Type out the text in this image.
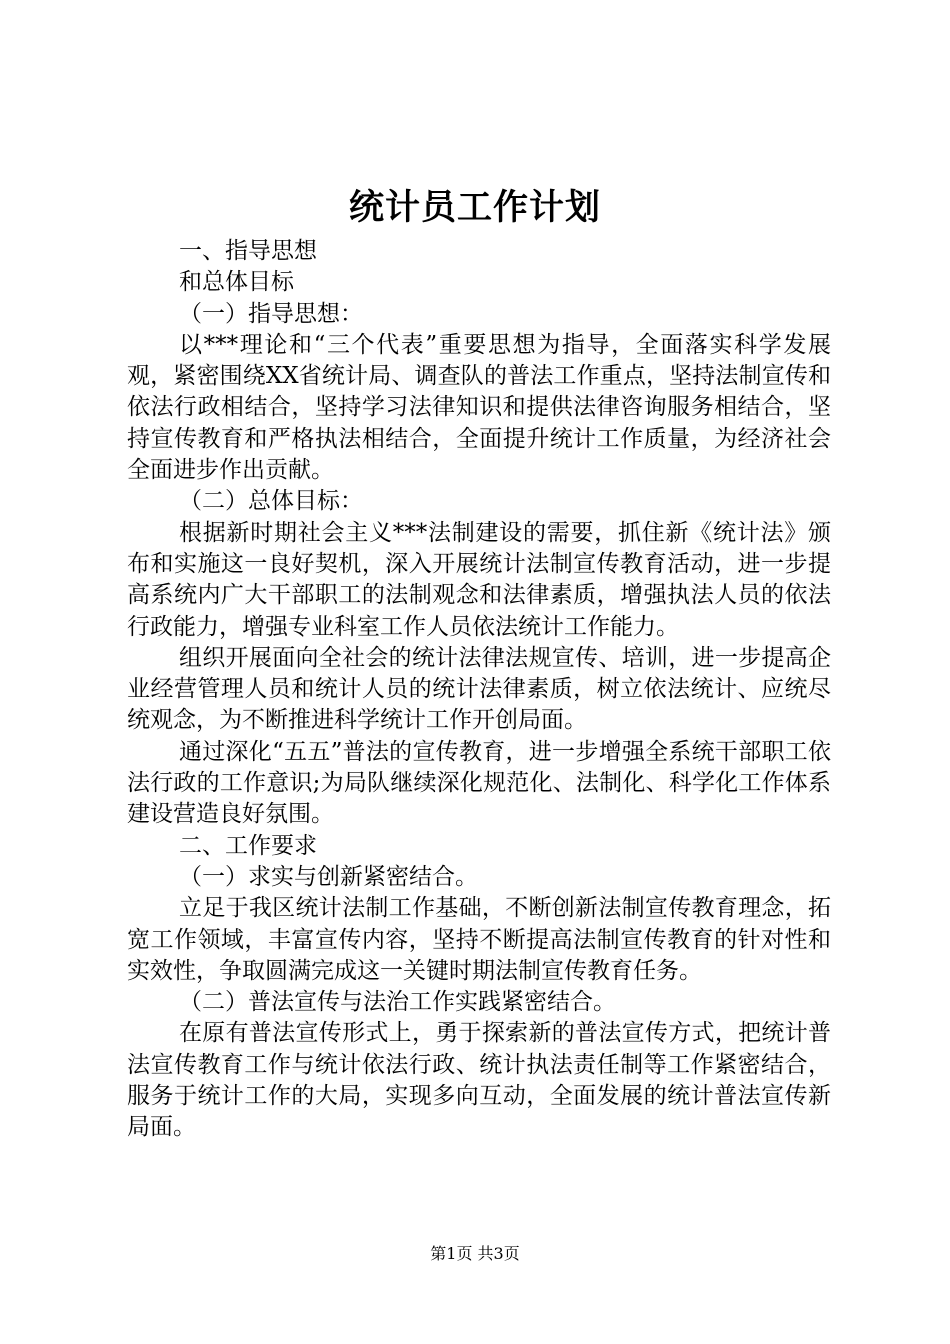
统计员工作计划

一、指导思想

和总体目标

（一）指导思想：

以***理论和“三个代表”重要思想为指导，全面落实科学发展观，紧密围绕XX省统计局、调查队的普法工作重点，坚持法制宣传和依法行政相结合，坚持学习法律知识和提供法律咨询服务相结合，坚持宣传教育和严格执法相结合，全面提升统计工作质量，为经济社会全面进步作出贡献。

（二）总体目标：

根据新时期社会主义***法制建设的需要，抓住新《统计法》颁布和实施这一良好契机，深入开展统计法制宣传教育活动，进一步提高系统内广大干部职工的法制观念和法律素质，增强执法人员的依法行政能力，增强专业科室工作人员依法统计工作能力。

组织开展面向全社会的统计法律法规宣传、培训，进一步提高企业经营管理人员和统计人员的统计法律素质，树立依法统计、应统尽统观念，为不断推进科学统计工作开创局面。

通过深化“五五”普法的宣传教育，进一步增强全系统干部职工依法行政的工作意识;为局队继续深化规范化、法制化、科学化工作体系建设营造良好氛围。

二、工作要求

（一）求实与创新紧密结合。

立足于我区统计法制工作基础，不断创新法制宣传教育理念，拓宽工作领域，丰富宣传内容，坚持不断提高法制宣传教育的针对性和实效性，争取圆满完成这一关键时期法制宣传教育任务。

（二）普法宣传与法治工作实践紧密结合。

在原有普法宣传形式上，勇于探索新的普法宣传方式，把统计普法宣传教育工作与统计依法行政、统计执法责任制等工作紧密结合，服务于统计工作的大局，实现多向互动，全面发展的统计普法宣传新局面。

第1页 共3页
